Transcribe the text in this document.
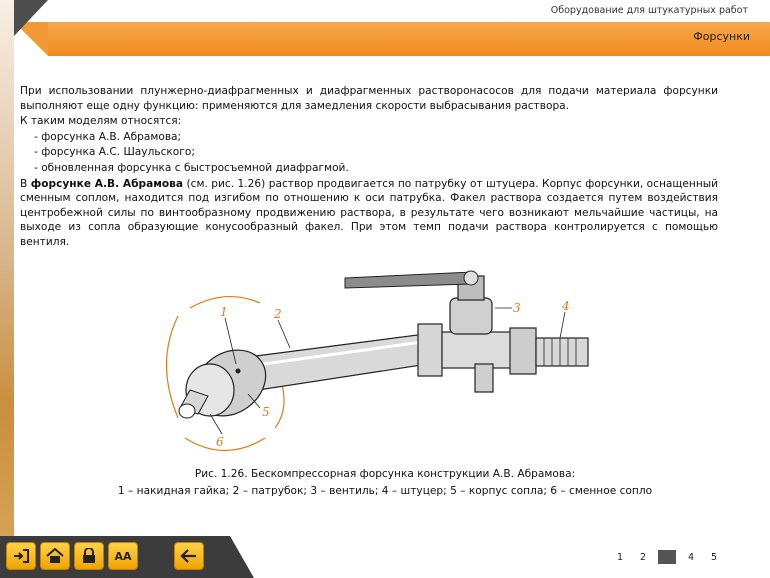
Оборудование для штукатурных работ
Форсунки

При использовании плунжерно-диафрагменных и диафрагменных растворонасосов для подачи материала форсунки выполняют еще одну функцию: применяются для замедления скорости выбрасывания раствора.

К таким моделям относятся:

- форсунка А.В. Абрамова;

- форсунка А.С. Шаульского;

- обновленная форсунка с быстросъемной диафрагмой.

В форсунке А.В. Абрамова (см. рис. 1.26) раствор продвигается по патрубку от штуцера. Корпус форсунки, оснащенный сменным соплом, находится под изгибом по отношению к оси патрубка. Факел раствора создается путем воздействия центробежной силы по винтообразному продвижению раствора, в результате чего возникают мельчайшие частицы, на выходе из сопла образующие конусообразный факел. При этом темп подачи раствора контролируется с помощью вентиля.

1	2	3	4
5
6
Рис. 1.26. Бескомпрессорная форсунка конструкции А.В. Абрамова:
1 – накидная гайка; 2 – патрубок; 3 – вентиль; 4 – штуцер; 5 – корпус сопла; 6 – сменное сопло
AA	1	2	4	5
